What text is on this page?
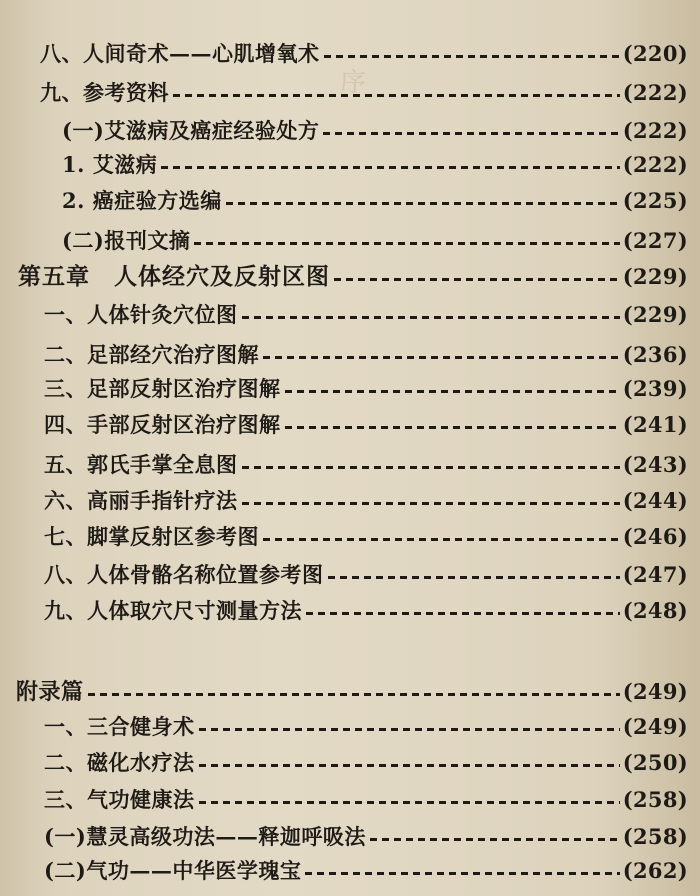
序
八、人间奇术——心肌增氧术	(220)
九、参考资料	(222)
(一)艾滋病及癌症经验处方	(222)
1. 艾滋病	(222)
2. 癌症验方选编	(225)
(二)报刊文摘	(227)
第五章　人体经穴及反射区图	(229)
一、人体针灸穴位图	(229)
二、足部经穴治疗图解	(236)
三、足部反射区治疗图解	(239)
四、手部反射区治疗图解	(241)
五、郭氏手掌全息图	(243)
六、高丽手指针疗法	(244)
七、脚掌反射区参考图	(246)
八、人体骨骼名称位置参考图	(247)
九、人体取穴尺寸测量方法	(248)
附录篇	(249)
一、三合健身术	(249)
二、磁化水疗法	(250)
三、气功健康法	(258)
(一)慧灵高级功法——释迦呼吸法	(258)
(二)气功——中华医学瑰宝	(262)
